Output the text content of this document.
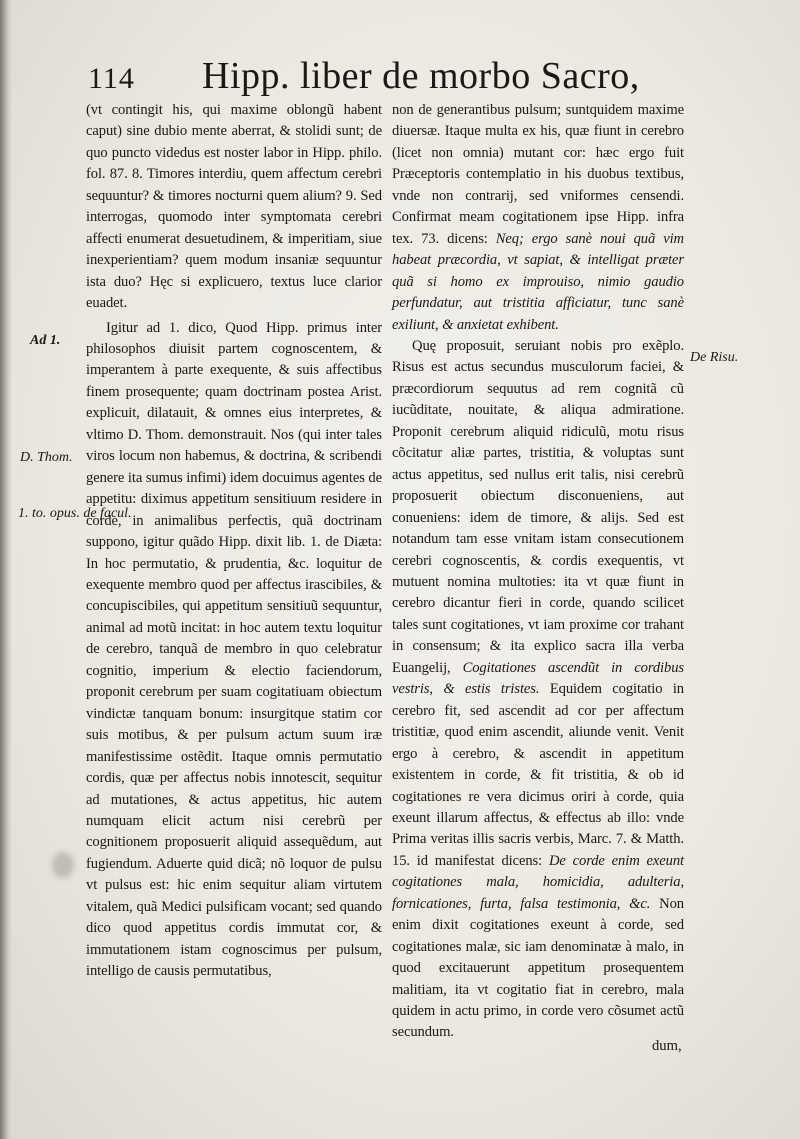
114 Hipp. liber de morbo Sacro,

(vt contingit his, qui maxime oblongũ habent caput) sine dubio mente aberrat, & stolidi sunt; de quo puncto videdus est noster labor in Hipp. philo. fol. 87. 8. Timores interdiu, quem affectum cerebri sequuntur? & timores nocturni quem alium? 9. Sed interrogas, quomodo inter symptomata cerebri affecti enumerat desuetudinem, & imperitiam, siue inexperientiam? quem modum insaniæ sequuntur ista duo? Hęc si explicuero, textus luce clarior euadet.

Igitur ad 1. dico, Quod Hipp. primus inter philosophos diuisit partem cognoscentem, & imperantem à parte exequente, & suis affectibus finem prosequente; quam doctrinam postea Arist. explicuit, dilatauit, & omnes eius interpretes, & vltimo D. Thom. demonstrauit. Nos (qui inter tales viros locum non habemus, & doctrina, & scribendi genere ita sumus infimi) idem docuimus agentes de appetitu: diximus appetitum sensitiuum residere in corde, in animalibus perfectis, quã doctrinam suppono, igitur quãdo Hipp. dixit lib. 1. de Diæta: In hoc permutatio, & prudentia, &c. loquitur de exequente membro quod per affectus irascibiles, & concupiscibiles, qui appetitum sensitiuũ sequuntur, animal ad motũ incitat: in hoc autem textu loquitur de cerebro, tanquã de membro in quo celebratur cognitio, imperium & electio faciendorum, proponit cerebrum per suam cogitatiuam obiectum vindictæ tanquam bonum: insurgitque statim cor suis motibus, & per pulsum actum suum iræ manifestissime ostẽdit. Itaque omnis permutatio cordis, quæ per affectus nobis innotescit, sequitur ad mutationes, & actus appetitus, hic autem numquam elicit actum nisi cerebrũ per cognitionem proposuerit aliquid assequẽdum, aut fugiendum. Aduerte quid dicã; nõ loquor de pulsu vt pulsus est: hic enim sequitur aliam virtutem vitalem, quã Medici pulsificam vocant; sed quando dico quod appetitus cordis immutat cor, & immutationem istam cognoscimus per pulsum, intelligo de causis permutatibus,

non de generantibus pulsum; suntquidem maxime diuersæ. Itaque multa ex his, quæ fiunt in cerebro (licet non omnia) mutant cor: hæc ergo fuit Præceptoris contemplatio in his duobus textibus, vnde non contrarij, sed vniformes censendi. Confirmat meam cogitationem ipse Hipp. infra tex. 73. dicens: Neq; ergo sanè noui quã vim habeat præcordia, vt sapiat, & intelligat præter quã si homo ex improuiso, nimio gaudio perfundatur, aut tristitia afficiatur, tunc sanè exiliunt, & anxietat exhibent.

Quę proposuit, seruiant nobis pro exẽplo. Risus est actus secundus musculorum faciei, & præcordiorum sequutus ad rem cognitã cũ iucũditate, nouitate, & aliqua admiratione. Proponit cerebrum aliquid ridiculũ, motu risus cõcitatur aliæ partes, tristitia, & voluptas sunt actus appetitus, sed nullus erit talis, nisi cerebrũ proposuerit obiectum disconueniens, aut conueniens: idem de timore, & alijs. Sed est notandum tam esse vnitam istam consecutionem cerebri cognoscentis, & cordis exequentis, vt mutuent nomina multoties: ita vt quæ fiunt in cerebro dicantur fieri in corde, quando scilicet tales sunt cogitationes, vt iam proxime cor trahant in consensum; & ita explico sacra illa verba Euangelij, Cogitationes ascendũt in cordibus vestris, & estis tristes. Equidem cogitatio in cerebro fit, sed ascendit ad cor per affectum tristitiæ, quod enim ascendit, aliunde venit. Venit ergo à cerebro, & ascendit in appetitum existentem in corde, & fit tristitia, & ob id cogitationes re vera dicimus oriri à corde, quia exeunt illarum affectus, & effectus ab illo: vnde Prima veritas illis sacris verbis, Marc. 7. & Matth. 15. id manifestat dicens: De corde enim exeunt cogitationes mala, homicidia, adulteria, fornicationes, furta, falsa testimonia, &c. Non enim dixit cogitationes exeunt à corde, sed cogitationes malæ, sic iam denominatæ à malo, in quod excitauerunt appetitum prosequentem malitiam, ita vt cogitatio fiat in cerebro, mala quidem in actu primo, in corde vero cõsumet actũ secundum.

Ad 1.
D. Thom.
1. to. opus. de facul.
De Risu.
dum,
